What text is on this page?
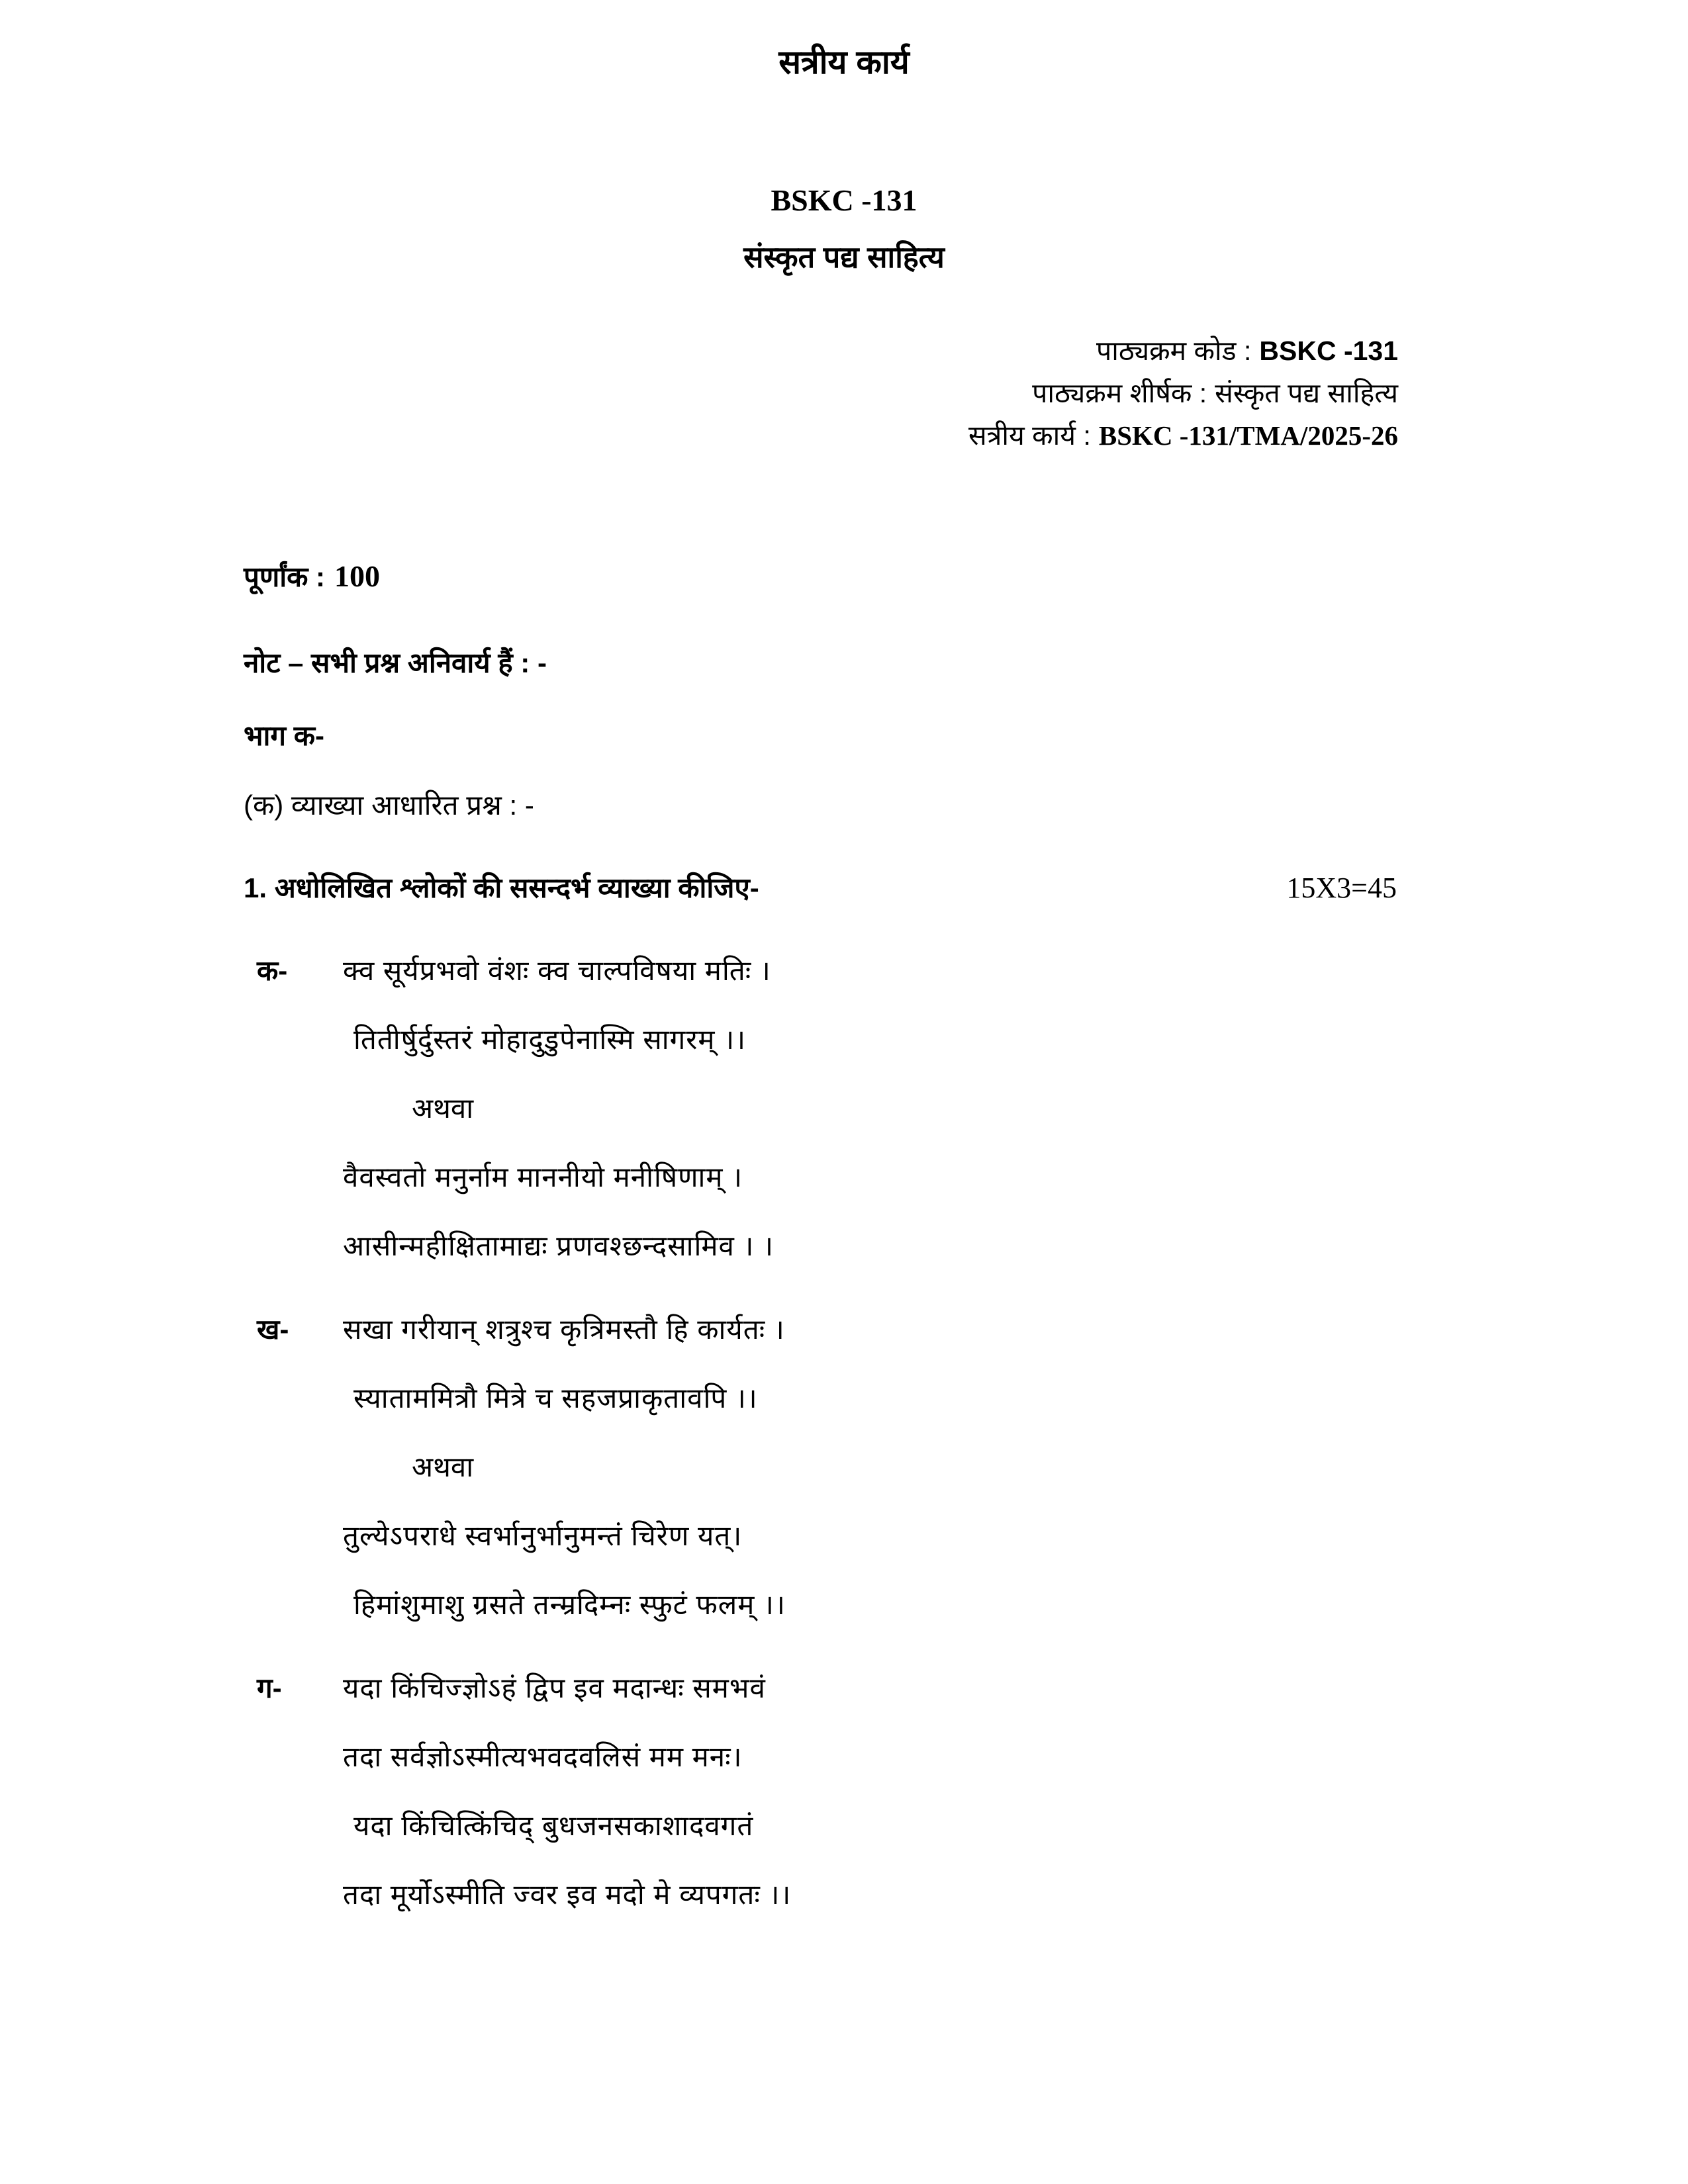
सत्रीय कार्य
BSKC -131
संस्कृत पद्य साहित्य
पाठ्यक्रम कोड : BSKC -131
पाठ्यक्रम शीर्षक : संस्कृत पद्य साहित्य
सत्रीय कार्य : BSKC -131/TMA/2025-26
पूर्णांक : 100
नोट – सभी प्रश्न अनिवार्य हैं : -
भाग क-
(क) व्याख्या आधारित प्रश्न : -
1. अधोलिखित श्लोकों की ससन्दर्भ व्याख्या कीजिए-	15X3=45
क- क्व सूर्यप्रभवो वंशः क्व चाल्पविषया मतिः ।
तितीर्षुर्दुस्तरं मोहादुडुपेनास्मि सागरम् ।।
अथवा
वैवस्वतो मनुर्नाम माननीयो मनीषिणाम् ।
आसीन्महीक्षितामाद्यः प्रणवश्छन्दसामिव । ।
ख- सखा गरीयान् शत्रुश्च कृत्रिमस्तौ हि कार्यतः ।
स्याताममित्रौ मित्रे च सहजप्राकृतावपि ।।
अथवा
तुल्येऽपराधे स्वर्भानुर्भानुमन्तं चिरेण यत्।
हिमांशुमाशु ग्रसते तन्म्रदिम्नः स्फुटं फलम् ।।
ग- यदा किंचिज्ज्ञोऽहं द्विप इव मदान्धः समभवं
तदा सर्वज्ञोऽस्मीत्यभवदवलिसं मम मनः।
यदा किंचित्किंचिद् बुधजनसकाशादवगतं
तदा मूर्योऽस्मीति ज्वर इव मदो मे व्यपगतः ।।
